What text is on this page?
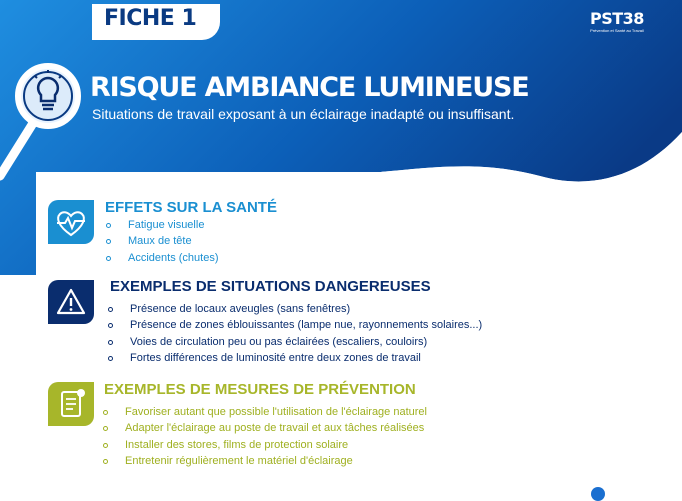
FICHE 1	PST38
Prévention et Santé au Travail
RISQUE AMBIANCE LUMINEUSE
Situations de travail exposant à un éclairage inadapté ou insuffisant.
EFFETS SUR LA SANTÉ
Fatigue visuelle
Maux de tête
Accidents (chutes)
EXEMPLES DE SITUATIONS DANGEREUSES
Présence de locaux aveugles (sans fenêtres)
Présence de zones éblouissantes (lampe nue, rayonnements solaires...)
Voies de circulation peu ou pas éclairées (escaliers, couloirs)
Fortes différences de luminosité entre deux zones de travail
EXEMPLES DE MESURES DE PRÉVENTION
Favoriser autant que possible l'utilisation de l'éclairage naturel
Adapter l'éclairage au poste de travail et aux tâches réalisées
Installer des stores, films de protection solaire
Entretenir régulièrement le matériel d'éclairage
